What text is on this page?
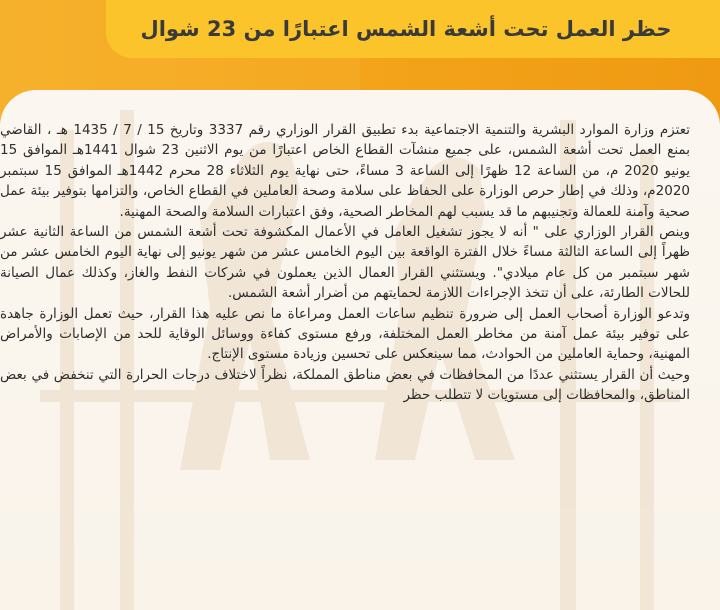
حظر العمل تحت أشعة الشمس اعتبارًا من 23 شوال

تعتزم وزارة الموارد البشرية والتنمية الاجتماعية بدء تطبيق القرار الوزاري رقم 3337 وتاريخ 15 / 7 / 1435 هـ ، القاضي بمنع العمل تحت أشعة الشمس، على جميع منشآت القطاع الخاص اعتبارًا من يوم الاثنين 23 شوال 1441هـ الموافق 15 يونيو 2020 م، من الساعة 12 ظهرًا إلى الساعة 3 مساءً، حتى نهاية يوم الثلاثاء 28 محرم 1442هـ الموافق 15 سبتمبر 2020م، وذلك في إطار حرص الوزارة على الحفاظ على سلامة وصحة العاملين في القطاع الخاص، والتزامها بتوفير بيئة عمل صحية وآمنة للعمالة وتجنيبهم ما قد يسبب لهم المخاطر الصحية، وفق اعتبارات السلامة والصحة المهنية.

وينص القرار الوزاري على " أنه لا يجوز تشغيل العامل في الأعمال المكشوفة تحت أشعة الشمس من الساعة الثانية عشر ظهراً إلى الساعة الثالثة مساءً خلال الفترة الواقعة بين اليوم الخامس عشر من شهر يونيو إلى نهاية اليوم الخامس عشر من شهر سبتمبر من كل عام ميلادي". ويستثني القرار العمال الذين يعملون في شركات النفط والغاز، وكذلك عمال الصيانة للحالات الطارئة، على أن تتخذ الإجراءات اللازمة لحمايتهم من أضرار أشعة الشمس.

وتدعو الوزارة أصحاب العمل إلى ضرورة تنظيم ساعات العمل ومراعاة ما نص عليه هذا القرار، حيث تعمل الوزارة جاهدة على توفير بيئة عمل آمنة من مخاطر العمل المختلفة، ورفع مستوى كفاءة ووسائل الوقاية للحد من الإصابات والأمراض المهنية، وحماية العاملين من الحوادث، مما سينعكس على تحسين وزيادة مستوى الإنتاج.

وحيث أن القرار يستثني عددًا من المحافظات في بعض مناطق المملكة، نظراً لاختلاف درجات الحرارة التي تنخفض في بعض المناطق، والمحافظات إلى مستويات لا تتطلب حظر
